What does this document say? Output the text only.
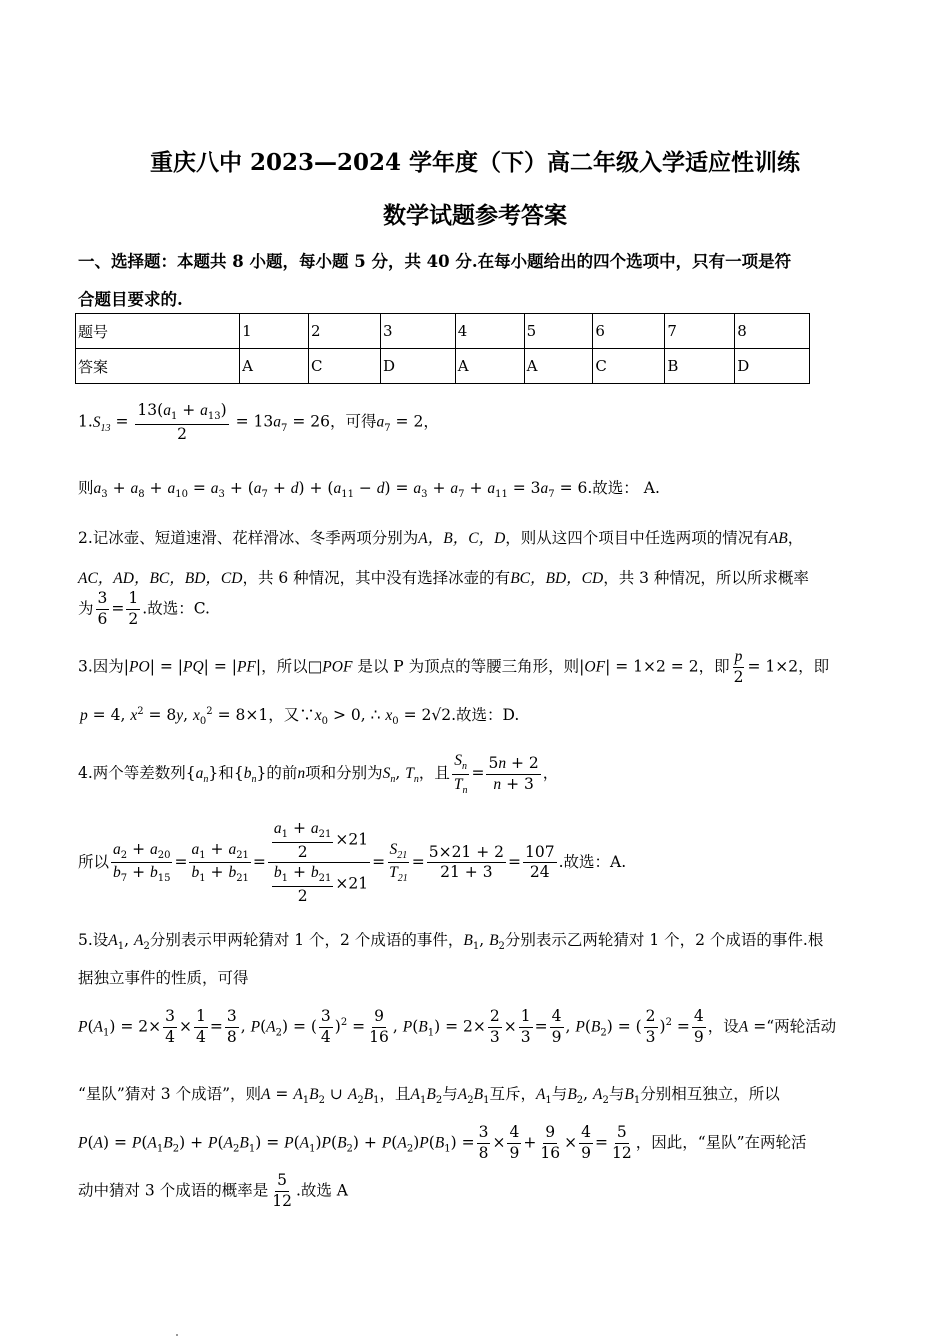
重庆八中 2023—2024 学年度（下）高二年级入学适应性训练
数学试题参考答案
一、选择题：本题共 8 小题，每小题 5 分，共 40 分.在每小题给出的四个选项中，只有一项是符
合题目要求的.
题号	1	2	3	4	5	6	7	8
答案	A	C	D	A	A	C	B	D
$1.S_{13} = \frac{13(a_1 + a_{13})}{2} = 13a_7 = 26$，可得$a_7 = 2$，
则$a_3 + a_8 + a_{10} = a_3 + (a_7 + d) + (a_{11} - d) = a_3 + a_7 + a_{11} = 3a_7 = 6$.故选： A.
2.记冰壶、短道速滑、花样滑冰、冬季两项分别为A，B，C，D，则从这四个项目中任选两项的情况有AB，
AC，AD，BC，BD，CD，共 6 种情况，其中没有选择冰壶的有BC，BD，CD，共 3 种情况，所以所求概率
为 $\frac{3}{6} = \frac{1}{2}$ .故选：C.
3.因为|PO| = |PQ| = |PF|，所以□POF 是以 P 为顶点的等腰三角形，则|OF| = 1×2 = 2，即 $\frac{p}{2} = 1\times 2$，即
p = 4, $x^2 = 8y$, $x_0^2 = 8\times 1$，又$\because x_0 > 0$, ∴ $x_0 = 2√2$.故选：D.
4.两个等差数列$\{a_n\}$和$\{b_n\}$的前n项和分别为$S_n$, $T_n$，且 $\frac{S_n}{T_n} = \frac{5n + 2}{n + 3}$ ，
所以 $\frac{a_2 + a_{20}}{b_7 + b_{15}} = \frac{a_1 + a_{21}}{b_1 + b_{21}} = \frac{\frac{a_1 + a_{21}}{2} \times 21}{\frac{b_1 + b_{21}}{2} \times 21} = \frac{S_{21}}{T_{21}} = \frac{5\times 21 + 2}{21 + 3} = \frac{107}{24}$ .故选：A.
5.设$A_1$, $A_2$分别表示甲两轮猜对 1 个，2 个成语的事件，$B_1$, $B_2$分别表示乙两轮猜对 1 个，2 个成语的事件.根
据独立事件的性质，可得
$P(A_1) = 2\times \frac{3}{4} \times \frac{1}{4} = \frac{3}{8}$ , $P(A_2)$ = ( $\frac{3}{4} )^2 = \frac{9}{16}$ , $P(B_1) = 2\times \frac{2}{3} \times \frac{1}{3} = \frac{4}{9}$ , $P(B_2)$ = ( $\frac{2}{3} )^2 = \frac{4}{9}$ ，设A =“两轮活动
“星队”猜对 3 个成语”，则$A = A_1B_2$ ∪ $A_2B_1$，且$A_1B_2$与$A_2B_1$互斥，$A_1$与$B_2$, $A_2$与$B_1$分别相互独立，所以
$P(A) = P(A_1B_2) + P(A_2B_1) = P(A_1)P(B_2) + P(A_2)P(B_1) = \frac{3}{8} \times \frac{4}{9} + \frac{9}{16} \times \frac{4}{9} = \frac{5}{12}$ ，因此，“星队”在两轮活
动中猜对 3 个成语的概率是 $\frac{5}{12}$ .故选 A
